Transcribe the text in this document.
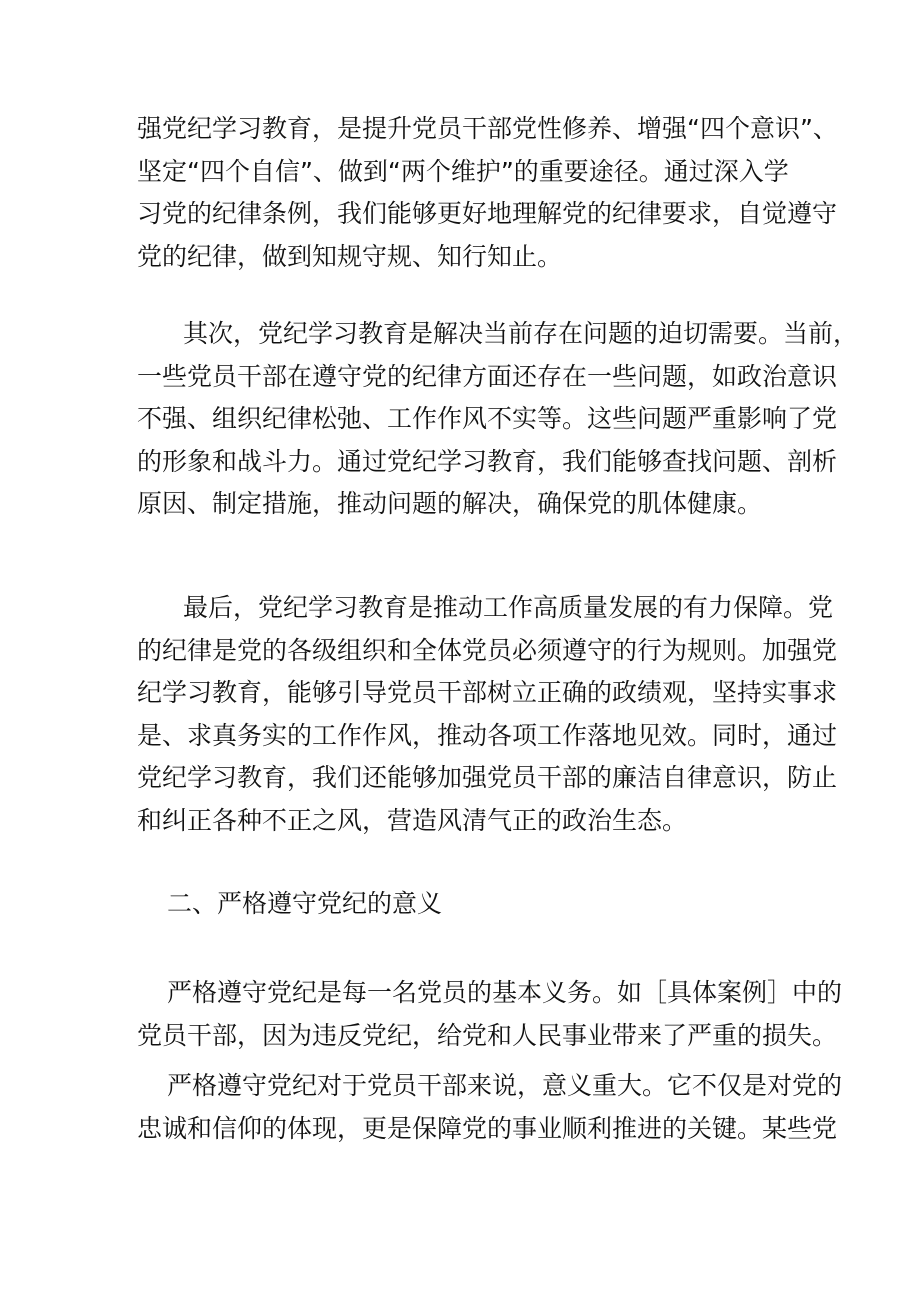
强党纪学习教育，是提升党员干部党性修养、增强“四个意识”、
坚定“四个自信”、做到“两个维护”的重要途径。通过深入学
习党的纪律条例，我们能够更好地理解党的纪律要求，自觉遵守
党的纪律，做到知规守规、知行知止。
其次，党纪学习教育是解决当前存在问题的迫切需要。当前，
一些党员干部在遵守党的纪律方面还存在一些问题，如政治意识
不强、组织纪律松弛、工作作风不实等。这些问题严重影响了党
的形象和战斗力。通过党纪学习教育，我们能够查找问题、剖析
原因、制定措施，推动问题的解决，确保党的肌体健康。
最后，党纪学习教育是推动工作高质量发展的有力保障。党
的纪律是党的各级组织和全体党员必须遵守的行为规则。加强党
纪学习教育，能够引导党员干部树立正确的政绩观，坚持实事求
是、求真务实的工作作风，推动各项工作落地见效。同时，通过
党纪学习教育，我们还能够加强党员干部的廉洁自律意识，防止
和纠正各种不正之风，营造风清气正的政治生态。
二、严格遵守党纪的意义
严格遵守党纪是每一名党员的基本义务。如［具体案例］中的
党员干部，因为违反党纪，给党和人民事业带来了严重的损失。
严格遵守党纪对于党员干部来说，意义重大。它不仅是对党的
忠诚和信仰的体现，更是保障党的事业顺利推进的关键。某些党
